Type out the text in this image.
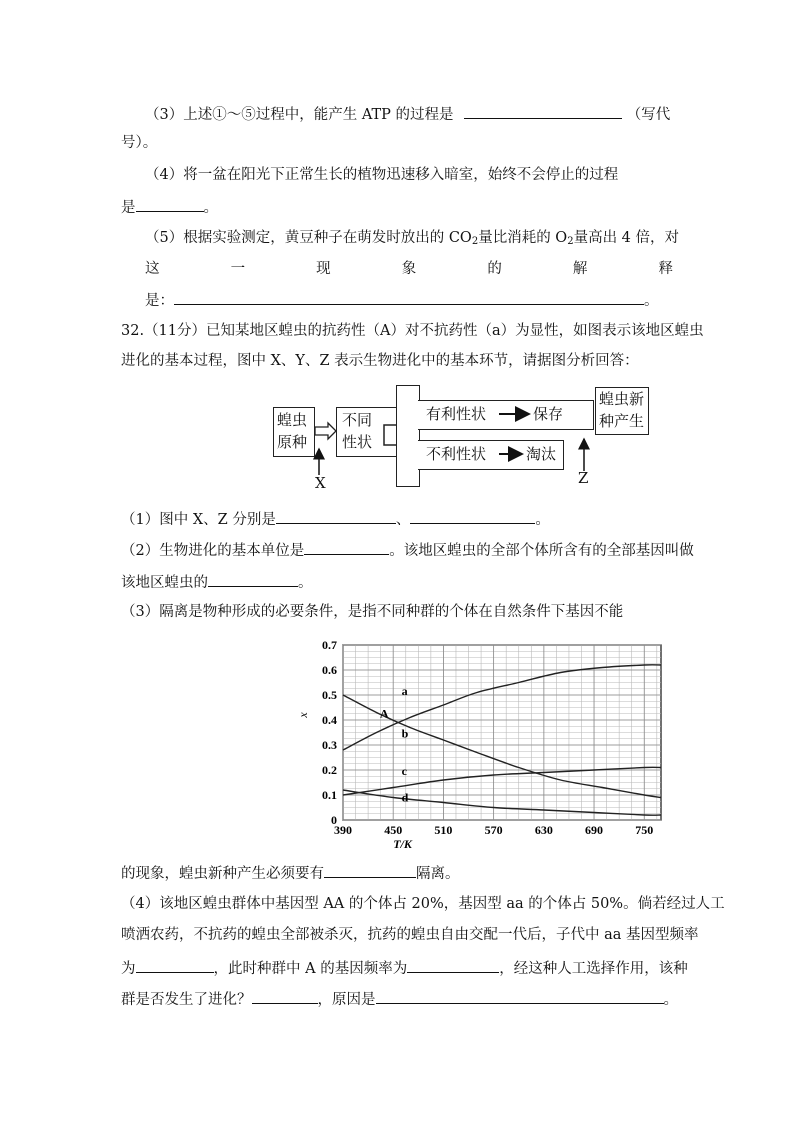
（3）上述①～⑤过程中，能产生 ATP 的过程是	（写代
号）。
（4）将一盆在阳光下正常生长的植物迅速移入暗室，始终不会停止的过程
是	。
（5）根据实验测定，黄豆种子在萌发时放出的 $CO_2$量比消耗的 $O_2$量高出 4 倍，对
这	一	现	象	的	解	释
是：	。
32.（11分）已知某地区蝗虫的抗药性（A）对不抗药性（a）为显性，如图表示该地区蝗虫
进化的基本过程，图中 X、Y、Z 表示生物进化中的基本环节，请据图分析回答：
蝗虫
原种
不同
性状
有利性状	保存
不利性状	淘汰
蝗虫新
种产生
X	Z
（1）图中 X、Z 分别是	、	。
（2）生物进化的基本单位是	。该地区蝗虫的全部个体所含有的全部基因叫做
该地区蝗虫的	。
（3）隔离是物种形成的必要条件，是指不同种群的个体在自然条件下基因不能
390	450	510	570	630	690	750
0
0.1
0.2
0.3
0.4
0.5
0.6
0.7
T/K
x
a
b
c
d
A
的现象，蝗虫新种产生必须要有	隔离。
（4）该地区蝗虫群体中基因型 AA 的个体占 20%，基因型 aa 的个体占 50%。倘若经过人工
喷洒农药，不抗药的蝗虫全部被杀灭，抗药的蝗虫自由交配一代后，子代中 aa 基因型频率
为	，此时种群中 A 的基因频率为	，经这种人工选择作用，该种
群是否发生了进化？	，原因是	。
